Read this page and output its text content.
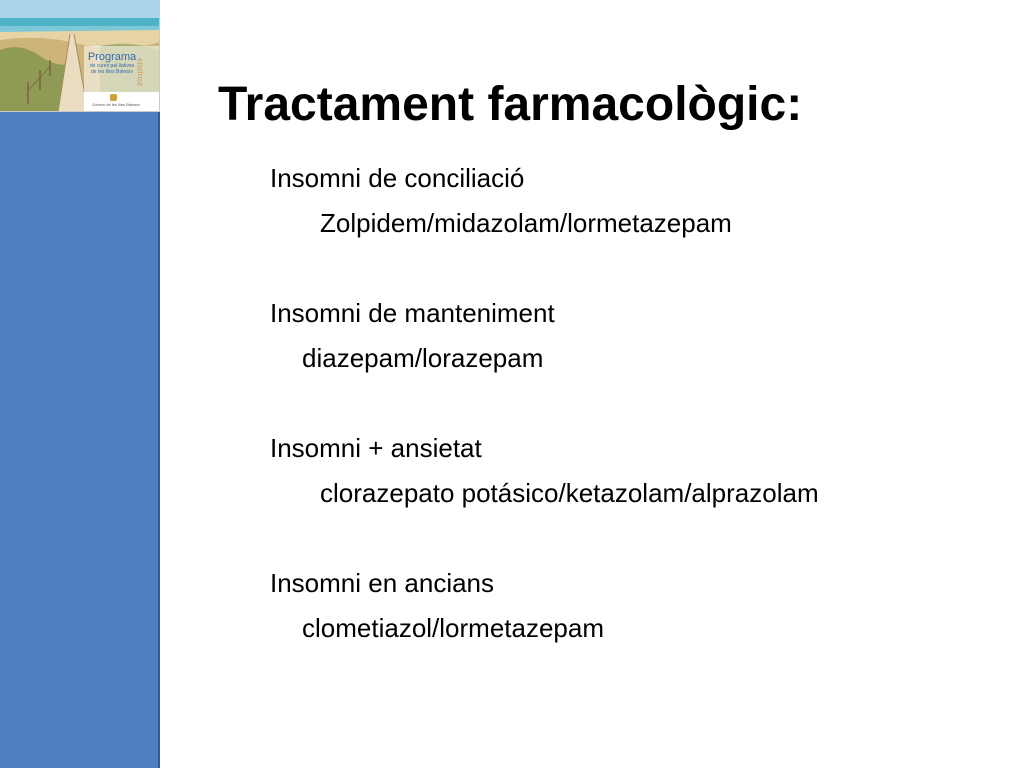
Programa
de cures pal·liatives
de les Illes Balears 2011|2016
Govern de les Illes Balears Tractament farmacològic:
Insomni de conciliació
Zolpidem/midazolam/lormetazepam
Insomni de manteniment
diazepam/lorazepam
Insomni + ansietat
clorazepato potásico/ketazolam/alprazolam
Insomni en ancians
clometiazol/lormetazepam
